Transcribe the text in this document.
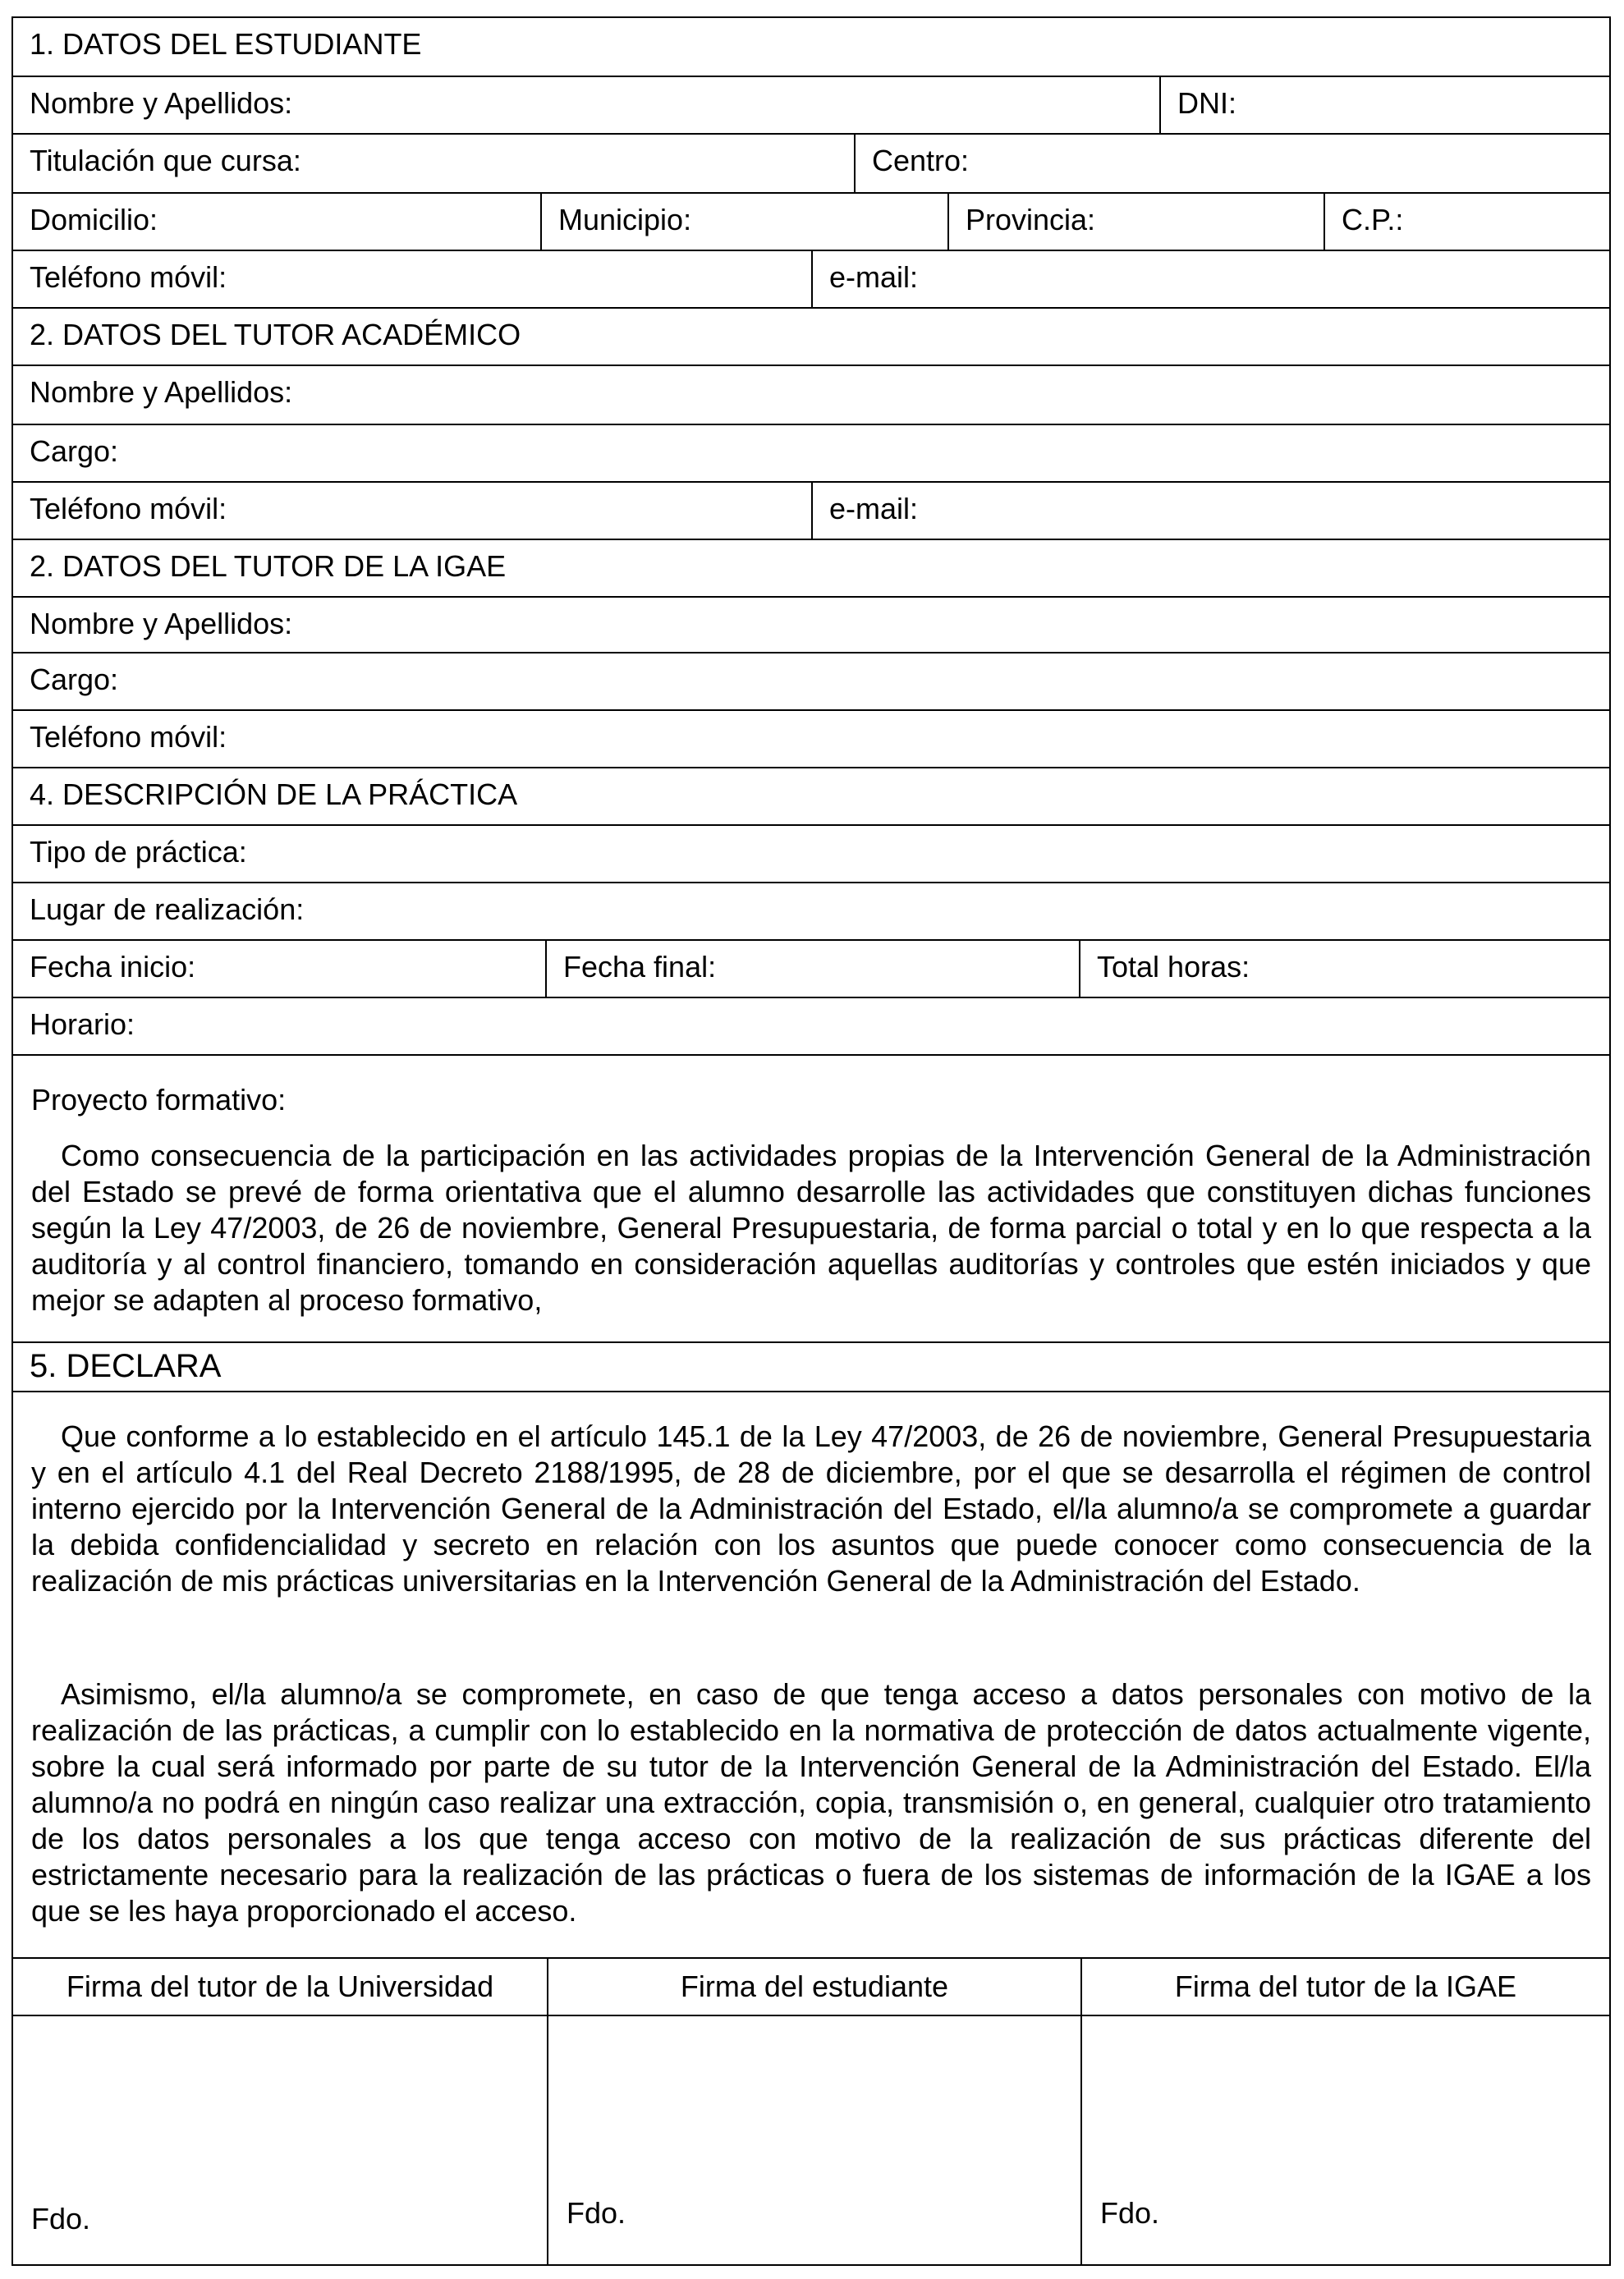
1. DATOS DEL ESTUDIANTE
Nombre y Apellidos:	DNI:
Titulación que cursa:	Centro:
Domicilio:	Municipio:	Provincia:	C.P.:
Teléfono móvil:	e-mail:
2. DATOS DEL TUTOR ACADÉMICO
Nombre y Apellidos:
Cargo:
Teléfono móvil:	e-mail:
2. DATOS DEL TUTOR DE LA IGAE
Nombre y Apellidos:
Cargo:
Teléfono móvil:
4. DESCRIPCIÓN DE LA PRÁCTICA
Tipo de práctica:
Lugar de realización:
Fecha inicio:	Fecha final:	Total horas:
Horario:
Proyecto formativo:
Como consecuencia de la participación en las actividades propias de la Intervención General de la Administración del Estado se prevé de forma orientativa que el alumno desarrolle las actividades que constituyen dichas funciones según la Ley 47/2003, de 26 de noviembre, General Presupuestaria, de forma parcial o total y en lo que respecta a la auditoría y al control financiero, tomando en consideración aquellas auditorías y controles que estén iniciados y que mejor se adapten al proceso formativo,
5. DECLARA
Que conforme a lo establecido en el artículo 145.1 de la Ley 47/2003, de 26 de noviembre, General Presupuestaria y en el artículo 4.1 del Real Decreto 2188/1995, de 28 de diciembre, por el que se desarrolla el régimen de control interno ejercido por la Intervención General de la Administración del Estado, el/la alumno/a se compromete a guardar la debida confidencialidad y secreto en relación con los asuntos que puede conocer como consecuencia de la realización de mis prácticas universitarias en la Intervención General de la Administración del Estado.
Asimismo, el/la alumno/a se compromete, en caso de que tenga acceso a datos personales con motivo de la realización de las prácticas, a cumplir con lo establecido en la normativa de protección de datos actualmente vigente, sobre la cual será informado por parte de su tutor de la Intervención General de la Administración del Estado. El/la alumno/a no podrá en ningún caso realizar una extracción, copia, transmisión o, en general, cualquier otro tratamiento de los datos personales a los que tenga acceso con motivo de la realización de sus prácticas diferente del estrictamente necesario para la realización de las prácticas o fuera de los sistemas de información de la IGAE a los que se les haya proporcionado el acceso.
Firma del tutor de la Universidad	Firma del estudiante	Firma del tutor de la IGAE
Fdo.	Fdo.	Fdo.
